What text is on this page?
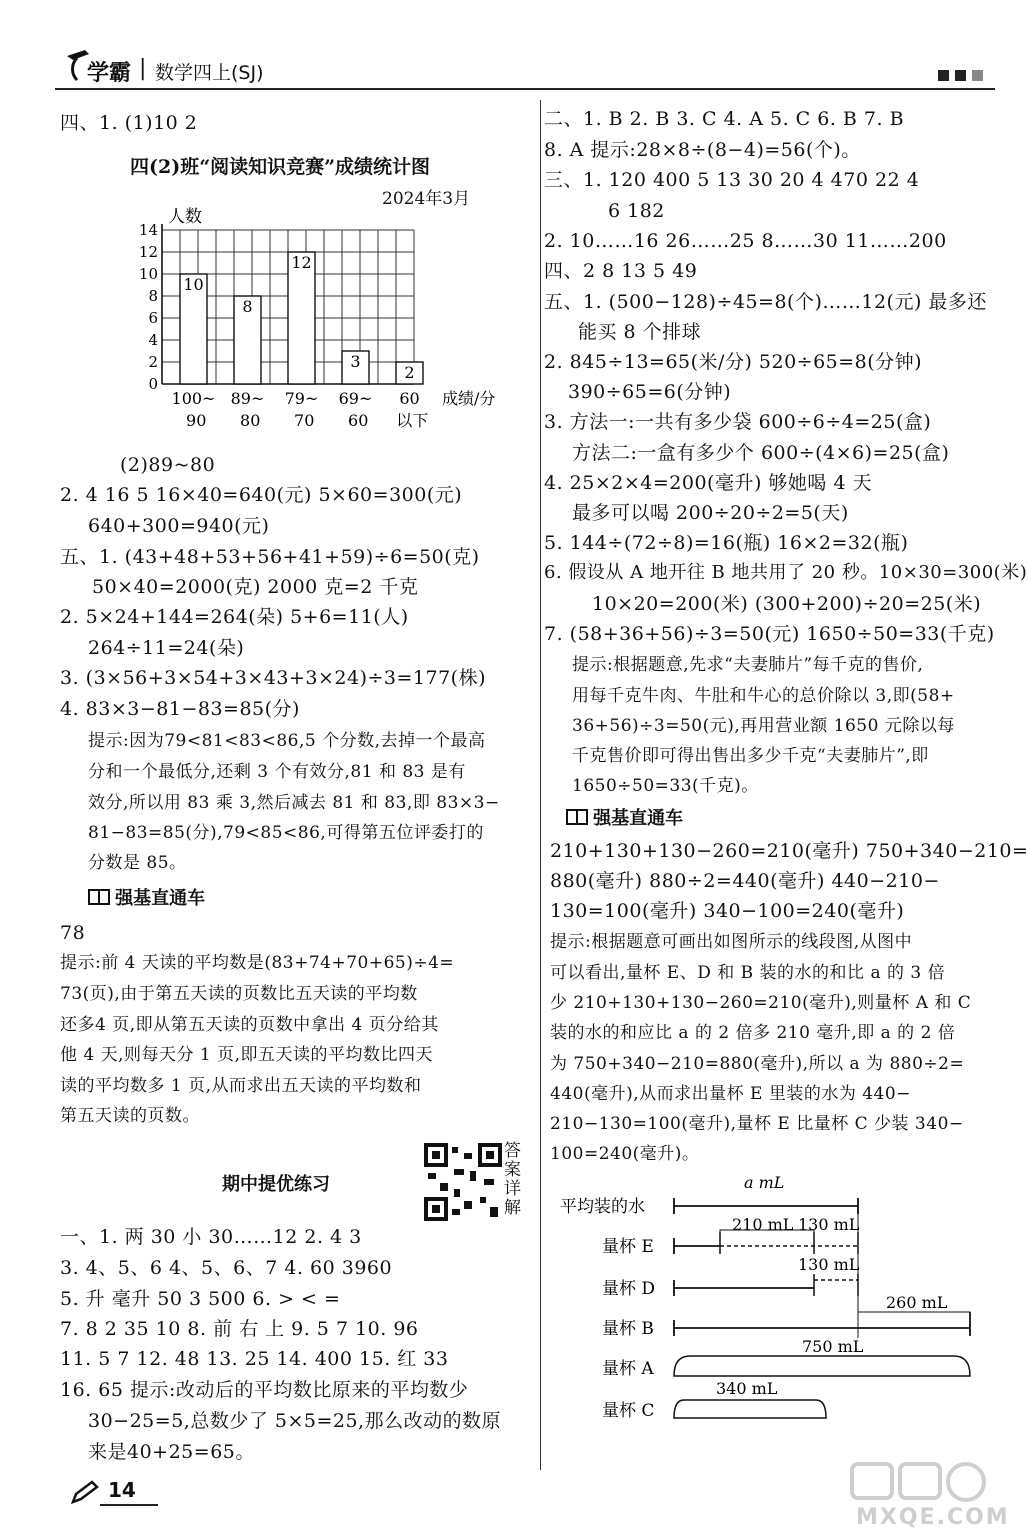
学霸 | 数学四上(SJ)
四、1. (1)10 2
四(2)班“阅读知识竞赛”成绩统计图
2024年3月
人数
0
2
4
6
8
10
12
14
10
100~
90
8
89~
80
12
79~
70
3
69~
60
2
60
以下
成绩/分
(2)89~80
2. 4 16 5 16×40=640(元) 5×60=300(元)
640+300=940(元)
五、1. (43+48+53+56+41+59)÷6=50(克)
50×40=2000(克) 2000 克=2 千克
2. 5×24+144=264(朵) 5+6=11(人)
264÷11=24(朵)
3. (3×56+3×54+3×43+3×24)÷3=177(株)
4. 83×3−81−83=85(分)
提示:因为79<81<83<86,5 个分数,去掉一个最高
分和一个最低分,还剩 3 个有效分,81 和 83 是有
效分,所以用 83 乘 3,然后减去 81 和 83,即 83×3−
81−83=85(分),79<85<86,可得第五位评委打的
分数是 85。
强基直通车
78
提示:前 4 天读的平均数是(83+74+70+65)÷4=
73(页),由于第五天读的页数比五天读的平均数
还多4 页,即从第五天读的页数中拿出 4 页分给其
他 4 天,则每天分 1 页,即五天读的平均数比四天
读的平均数多 1 页,从而求出五天读的平均数和
第五天读的页数。
期中提优练习
答案详解
一、1. 两 30 小 30……12 2. 4 3
3. 4、5、6 4、5、6、7 4. 60 3960
5. 升 毫升 50 3 500 6. > < =
7. 8 2 35 10 8. 前 右 上 9. 5 7 10. 96
11. 5 7 12. 48 13. 25 14. 400 15. 红 33
16. 65 提示:改动后的平均数比原来的平均数少
30−25=5,总数少了 5×5=25,那么改动的数原
来是40+25=65。
14
二、1. B 2. B 3. C 4. A 5. C 6. B 7. B
8. A 提示:28×8÷(8−4)=56(个)。
三、1. 120 400 5 13 30 20 4 470 22 4
6 182
2. 10……16 26……25 8……30 11……200
四、2 8 13 5 49
五、1. (500−128)÷45=8(个)……12(元) 最多还
能买 8 个排球
2. 845÷13=65(米/分) 520÷65=8(分钟)
390÷65=6(分钟)
3. 方法一:一共有多少袋 600÷6÷4=25(盒)
方法二:一盒有多少个 600÷(4×6)=25(盒)
4. 25×2×4=200(毫升) 够她喝 4 天
最多可以喝 200÷20÷2=5(天)
5. 144÷(72÷8)=16(瓶) 16×2=32(瓶)
6. 假设从 A 地开往 B 地共用了 20 秒。10×30=300(米)
10×20=200(米) (300+200)÷20=25(米)
7. (58+36+56)÷3=50(元) 1650÷50=33(千克)
提示:根据题意,先求“夫妻肺片”每千克的售价,
用每千克牛肉、牛肚和牛心的总价除以 3,即(58+
36+56)÷3=50(元),再用营业额 1650 元除以每
千克售价即可得出售出多少千克“夫妻肺片”,即
1650÷50=33(千克)。
强基直通车
210+130+130−260=210(毫升) 750+340−210=
880(毫升) 880÷2=440(毫升) 440−210−
130=100(毫升) 340−100=240(毫升)
提示:根据题意可画出如图所示的线段图,从图中
可以看出,量杯 E、D 和 B 装的水的和比 a 的 3 倍
少 210+130+130−260=210(毫升),则量杯 A 和 C
装的水的和应比 a 的 2 倍多 210 毫升,即 a 的 2 倍
为 750+340−210=880(毫升),所以 a 为 880÷2=
440(毫升),从而求出量杯 E 里装的水为 440−
210−130=100(毫升),量杯 E 比量杯 C 少装 340−
100=240(毫升)。
a mL
平均装的水
量杯 E
210 mL 130 mL
量杯 D
130 mL
量杯 B
260 mL
量杯 A
750 mL
量杯 C
340 mL
MXQE.COM
